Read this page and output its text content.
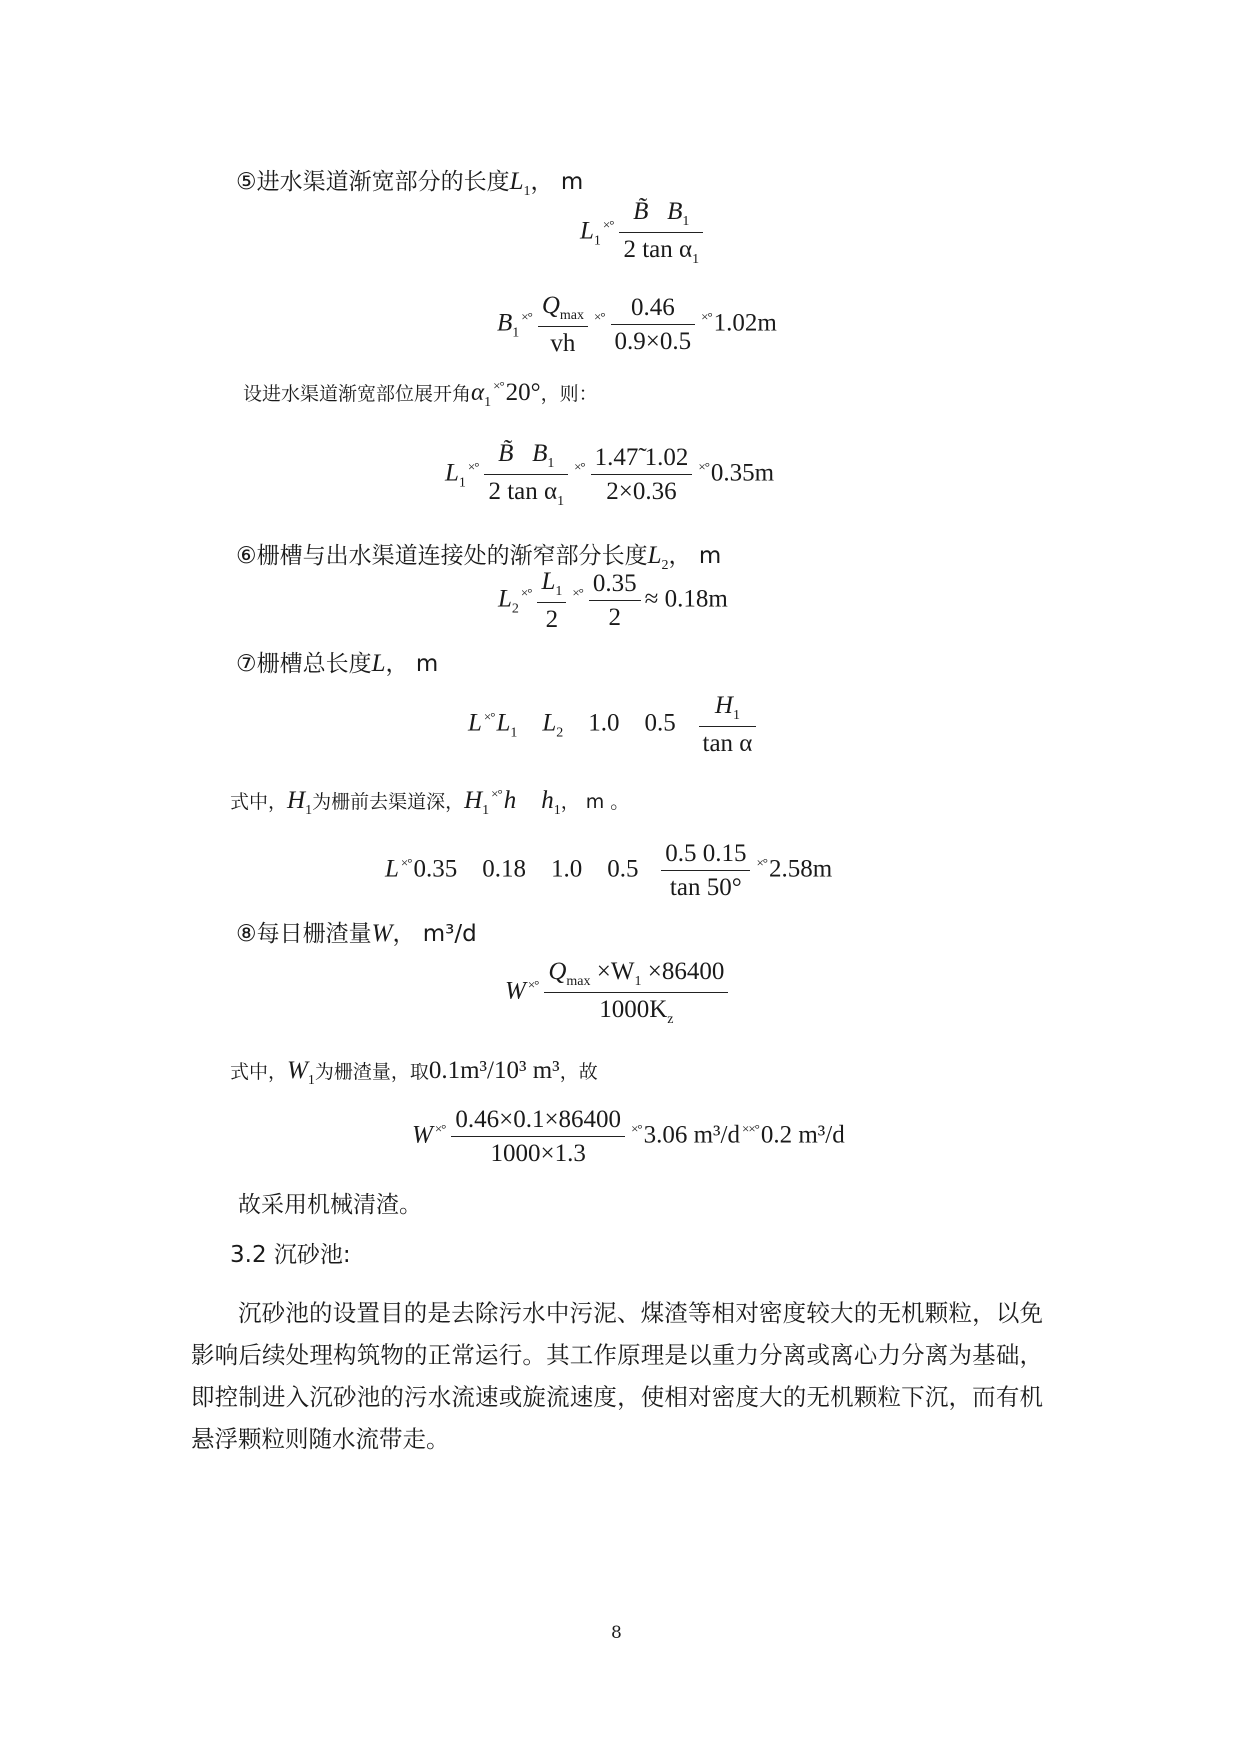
⑤进水渠道渐宽部分的长度$L_1$， m
$L_1^{\times^\circ} \frac{B̃ B_1}{2 \tan \alpha_1}$
$B_1^{\times^\circ} \frac{Q_{max}}{vh} ^{\times^\circ} \frac{0.46}{0.9\times 0.5} ^{\times^\circ}1.02m$
设进水渠道渐宽部位展开角$\alpha_1^{\times^\circ}20^\circ$，则：
$L_1^{\times^\circ} \frac{B̃ B_1}{2 \tan \alpha_1} ^{\times^\circ} \frac{1.47̃ 1.02}{2\times 0.36} ^{\times^\circ}0.35m$
⑥栅槽与出水渠道连接处的渐窄部分长度$L_2$， m
$L_2^{\times^\circ} \frac{L_1}{2} ^{\times^\circ} \frac{0.35}{2} \approx 0.18m$
⑦栅槽总长度L， m
L $^{\times^\circ}L_1$ $L_2$ 1.0 $0.5 \frac{H_1}{\text{tan α}}$
式中，$H_1$为栅前去渠道深，$H_1^{\times^\circ}h$ $h_1$， m 。
L ×°0.35 0.18 1.0 $0.5 \frac{0.5 0.15}{\tan 50^\circ} ^{\times^\circ}2.58m$
⑧每日栅渣量W， m³/d
W $^{\times^\circ} \frac{Q_{max} \times W_1 \times 86400}{1000K_z}$
式中，$W_1$为栅渣量，取0.1m³/10³ m³，故
W $^{\times^\circ} \frac{0.46\times 0.1\times 86400}{1000\times 1.3} ^{\times^\circ}3.06$ m³/d ××°0.2 m³/d
故采用机械清渣。
3.2 沉砂池:
沉砂池的设置目的是去除污水中污泥、煤渣等相对密度较大的无机颗粒，以免影响后续处理构筑物的正常运行。其工作原理是以重力分离或离心力分离为基础，即控制进入沉砂池的污水流速或旋流速度，使相对密度大的无机颗粒下沉，而有机悬浮颗粒则随水流带走。
8
